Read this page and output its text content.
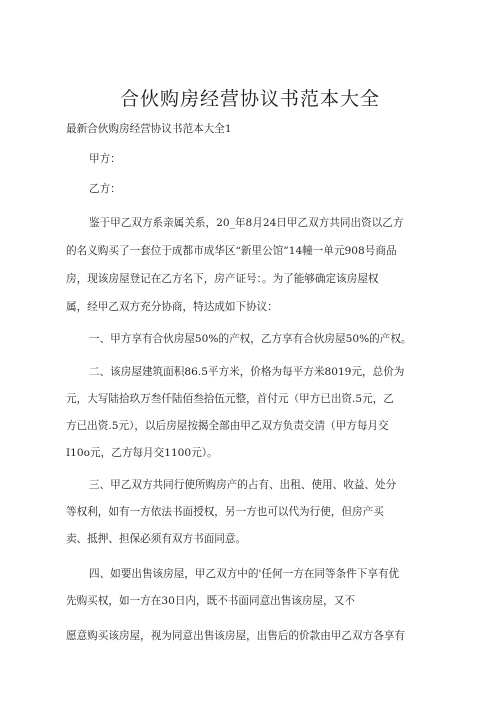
合伙购房经营协议书范本大全

最新合伙购房经营协议书范本大全1

甲方：

乙方：

鉴于甲乙双方系亲属关系，20_年8月24日甲乙双方共同出资以乙方

的名义购买了一套位于成都市成华区“新里公馆”14幢一单元908号商品

房，现该房屋登记在乙方名下，房产证号：。为了能够确定该房屋权

属，经甲乙双方充分协商，特达成如下协议：

一、甲方享有合伙房屋50%的产权，乙方享有合伙房屋50%的产权。

二、该房屋建筑面积86.5平方米，价格为每平方米8019元，总价为

元，大写陆拾玖万叁仟陆佰叁拾伍元整，首付元（甲方已出资.5元，乙

方已出资.5元），以后房屋按揭全部由甲乙双方负责交清（甲方每月交

I10o元，乙方每月交1100元）。

三、甲乙双方共同行使所购房产的占有、出租、使用、收益、处分

等权利，如有一方依法书面授权，另一方也可以代为行使，但房产买

卖、抵押、担保必须有双方书面同意。

四、如要出售该房屋，甲乙双方中的'任何一方在同等条件下享有优

先购买权，如一方在30日内，既不书面同意出售该房屋，又不

愿意购买该房屋，视为同意出售该房屋，出售后的价款由甲乙双方各享有
